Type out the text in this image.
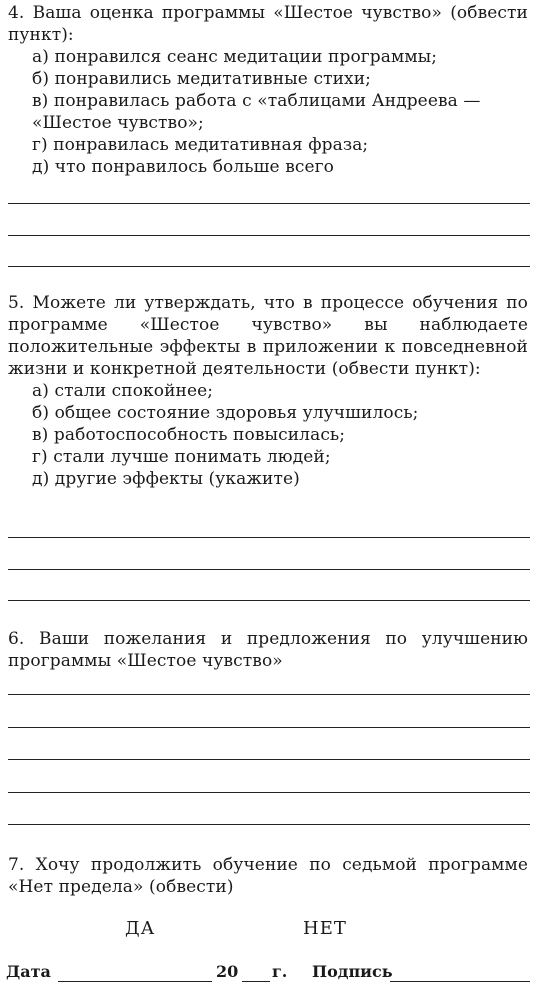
4. Ваша оценка программы «Шестое чувство» (обвести пункт):
а) понравился сеанс медитации программы;
б) понравились медитативные стихи;
в) понравилась работа с «таблицами Андреева — «Шестое чувство»;
г) понравилась медитативная фраза;
д) что понравилось больше всего
5. Можете ли утверждать, что в процессе обучения по программе «Шестое чувство» вы наблюдаете положительные эффекты в приложении к повседневной жизни и конкретной деятельности (обвести пункт):
а) стали спокойнее;
б) общее состояние здоровья улучшилось;
в) работоспособность повысилась;
г) стали лучше понимать людей;
д) другие эффекты (укажите)
6. Ваши пожелания и предложения по улучшению программы «Шестое чувство»
7. Хочу продолжить обучение по седьмой программе «Нет предела» (обвести)
ДА	НЕТ
Дата	20 г. Подпись
